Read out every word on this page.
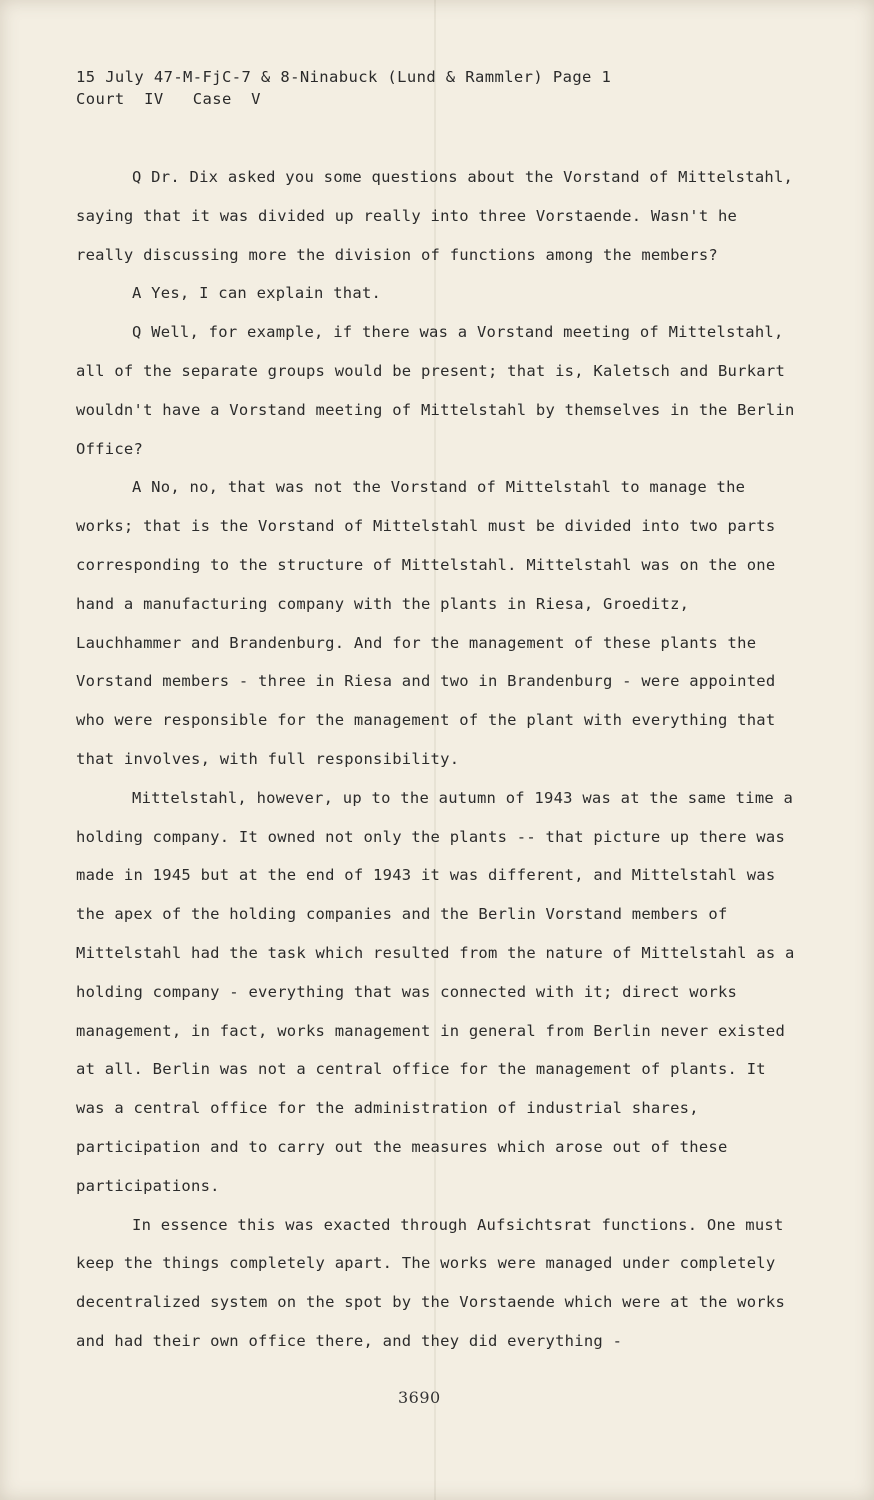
15 July 47-M-FjC-7 & 8-Ninabuck (Lund & Rammler) Page 1
Court  IV   Case  V

Q Dr. Dix asked you some questions about the Vorstand of Mittelstahl, saying that it was divided up really into three Vorstaende. Wasn't he really discussing more the division of functions among the members?

A Yes, I can explain that.

Q Well, for example, if there was a Vorstand meeting of Mittelstahl, all of the separate groups would be present; that is, Kaletsch and Burkart wouldn't have a Vorstand meeting of Mittelstahl by themselves in the Berlin Office?

A No, no, that was not the Vorstand of Mittelstahl to manage the works; that is the Vorstand of Mittelstahl must be divided into two parts corresponding to the structure of Mittelstahl. Mittelstahl was on the one hand a manufacturing company with the plants in Riesa, Groeditz, Lauchhammer and Brandenburg. And for the management of these plants the Vorstand members - three in Riesa and two in Brandenburg - were appointed who were responsible for the management of the plant with everything that that involves, with full responsibility.

Mittelstahl, however, up to the autumn of 1943 was at the same time a holding company. It owned not only the plants -- that picture up there was made in 1945 but at the end of 1943 it was different, and Mittelstahl was the apex of the holding companies and the Berlin Vorstand members of Mittelstahl had the task which resulted from the nature of Mittelstahl as a holding company - everything that was connected with it; direct works management, in fact, works management in general from Berlin never existed at all. Berlin was not a central office for the management of plants. It was a central office for the administration of industrial shares, participation and to carry out the measures which arose out of these participations.

In essence this was exacted through Aufsichtsrat functions. One must keep the things completely apart. The works were managed under completely decentralized system on the spot by the Vorstaende which were at the works and had their own office there, and they did everything -

3690
